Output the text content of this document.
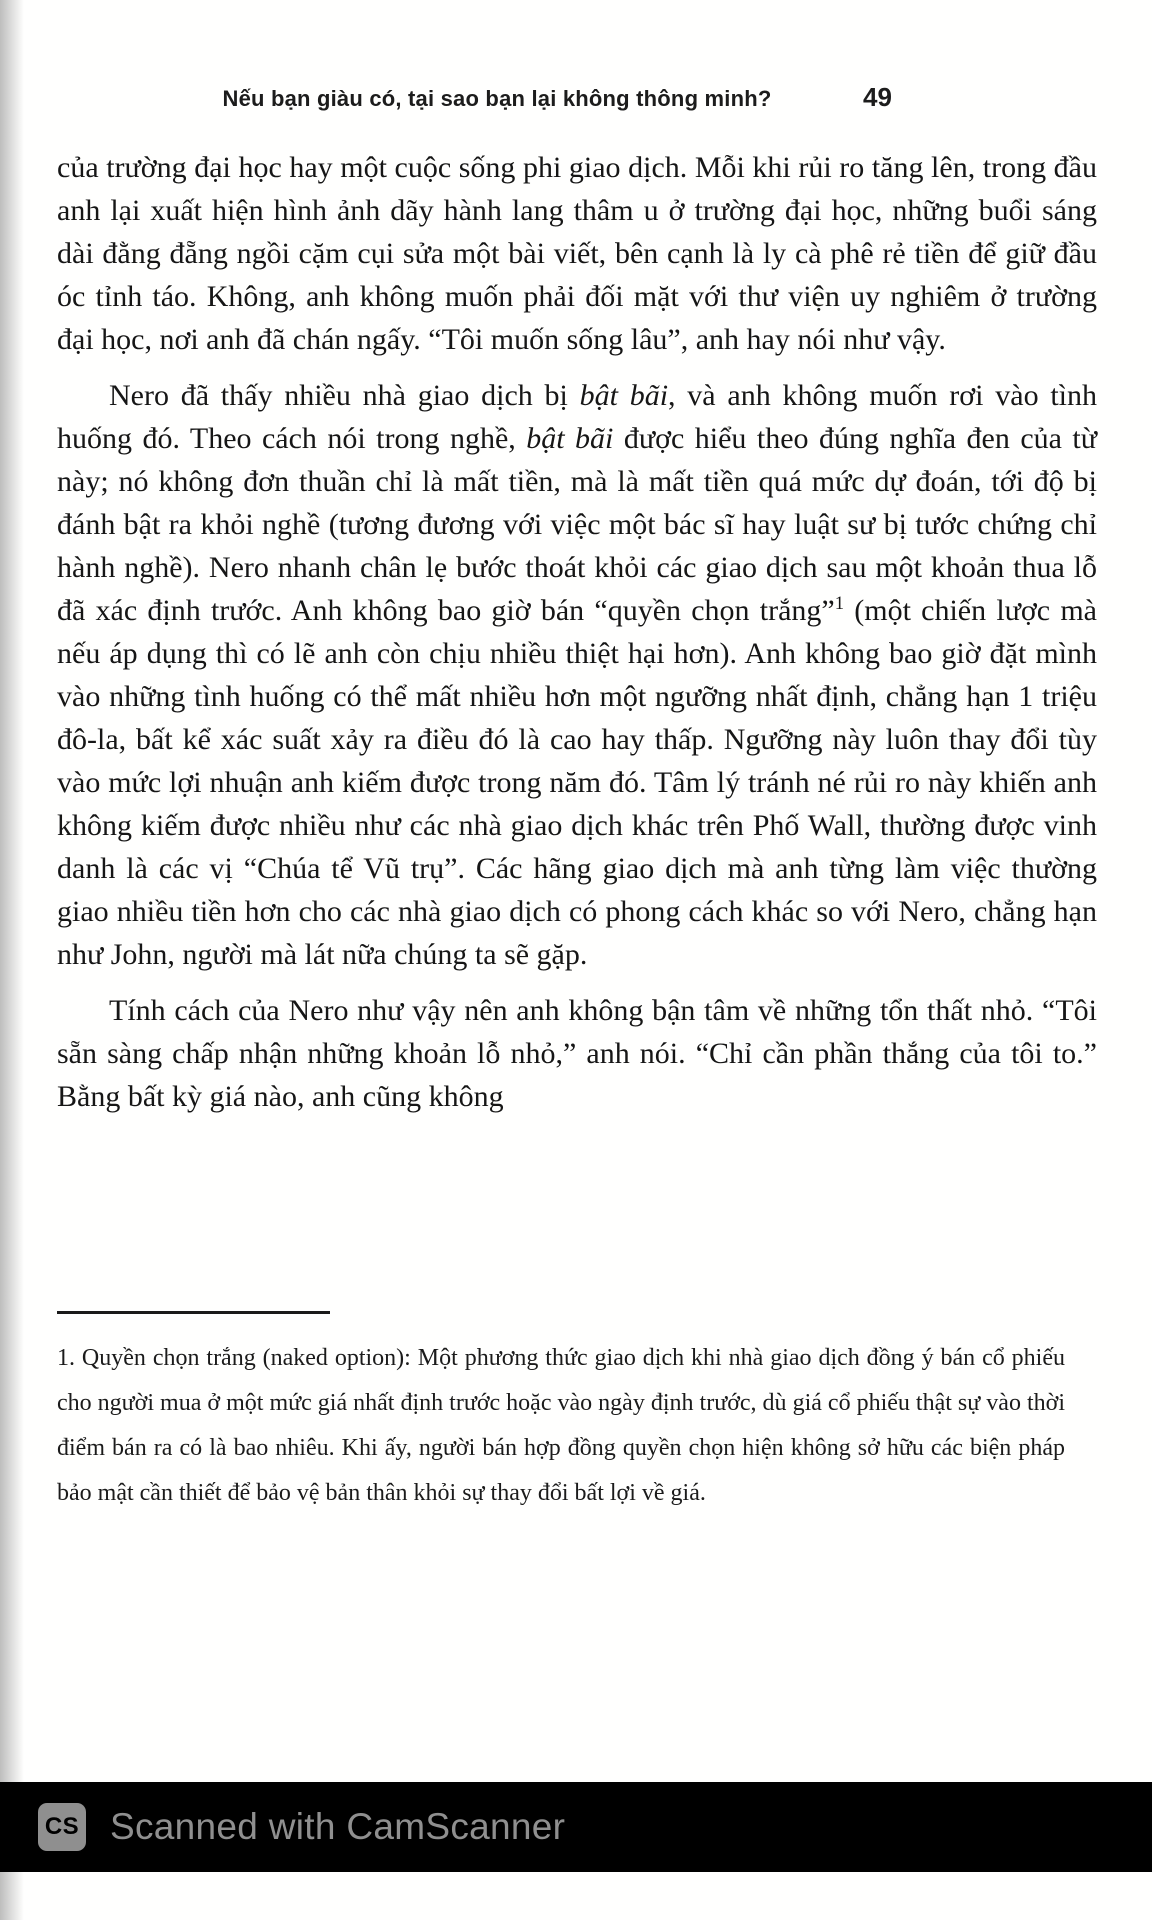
Nếu bạn giàu có, tại sao bạn lại không thông minh?	49

của trường đại học hay một cuộc sống phi giao dịch. Mỗi khi rủi ro tăng lên, trong đầu anh lại xuất hiện hình ảnh dãy hành lang thâm u ở trường đại học, những buổi sáng dài đằng đẵng ngồi cặm cụi sửa một bài viết, bên cạnh là ly cà phê rẻ tiền để giữ đầu óc tỉnh táo. Không, anh không muốn phải đối mặt với thư viện uy nghiêm ở trường đại học, nơi anh đã chán ngấy. “Tôi muốn sống lâu”, anh hay nói như vậy.

Nero đã thấy nhiều nhà giao dịch bị bật bãi, và anh không muốn rơi vào tình huống đó. Theo cách nói trong nghề, bật bãi được hiểu theo đúng nghĩa đen của từ này; nó không đơn thuần chỉ là mất tiền, mà là mất tiền quá mức dự đoán, tới độ bị đánh bật ra khỏi nghề (tương đương với việc một bác sĩ hay luật sư bị tước chứng chỉ hành nghề). Nero nhanh chân lẹ bước thoát khỏi các giao dịch sau một khoản thua lỗ đã xác định trước. Anh không bao giờ bán “quyền chọn trắng”$^1$ (một chiến lược mà nếu áp dụng thì có lẽ anh còn chịu nhiều thiệt hại hơn). Anh không bao giờ đặt mình vào những tình huống có thể mất nhiều hơn một ngưỡng nhất định, chẳng hạn 1 triệu đô-la, bất kể xác suất xảy ra điều đó là cao hay thấp. Ngưỡng này luôn thay đổi tùy vào mức lợi nhuận anh kiếm được trong năm đó. Tâm lý tránh né rủi ro này khiến anh không kiếm được nhiều như các nhà giao dịch khác trên Phố Wall, thường được vinh danh là các vị “Chúa tể Vũ trụ”. Các hãng giao dịch mà anh từng làm việc thường giao nhiều tiền hơn cho các nhà giao dịch có phong cách khác so với Nero, chẳng hạn như John, người mà lát nữa chúng ta sẽ gặp.

Tính cách của Nero như vậy nên anh không bận tâm về những tổn thất nhỏ. “Tôi sẵn sàng chấp nhận những khoản lỗ nhỏ,” anh nói. “Chỉ cần phần thắng của tôi to.” Bằng bất kỳ giá nào, anh cũng không

1. Quyền chọn trắng (naked option): Một phương thức giao dịch khi nhà giao dịch đồng ý bán cổ phiếu cho người mua ở một mức giá nhất định trước hoặc vào ngày định trước, dù giá cổ phiếu thật sự vào thời điểm bán ra có là bao nhiêu. Khi ấy, người bán hợp đồng quyền chọn hiện không sở hữu các biện pháp bảo mật cần thiết để bảo vệ bản thân khỏi sự thay đổi bất lợi về giá.
CS Scanned with CamScanner
